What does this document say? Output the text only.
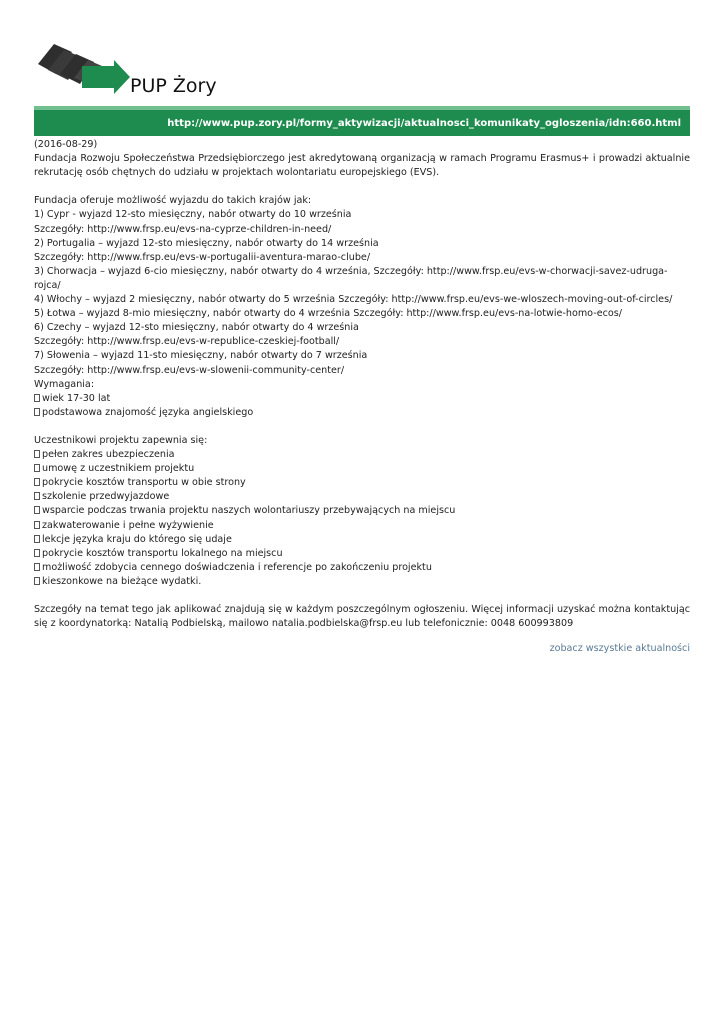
PUP Żory
http://www.pup.zory.pl/formy_aktywizacji/aktualnosci_komunikaty_ogloszenia/idn:660.html

(2016-08-29)

Fundacja Rozwoju Społeczeństwa Przedsiębiorczego jest akredytowaną organizacją w ramach Programu Erasmus+ i prowadzi aktualnie rekrutację osób chętnych do udziału w projektach wolontariatu europejskiego (EVS).

Fundacja oferuje możliwość wyjazdu do takich krajów jak:

1) Cypr - wyjazd 12-sto miesięczny, nabór otwarty do 10 września

Szczegóły: http://www.frsp.eu/evs-na-cyprze-children-in-need/

2) Portugalia – wyjazd 12-sto miesięczny, nabór otwarty do 14 września

Szczegóły: http://www.frsp.eu/evs-w-portugalii-aventura-marao-clube/

3) Chorwacja – wyjazd 6-cio miesięczny, nabór otwarty do 4 września, Szczegóły: http://www.frsp.eu/evs-w-chorwacji-savez-udruga-rojca/

4) Włochy – wyjazd 2 miesięczny, nabór otwarty do 5 września Szczegóły: http://www.frsp.eu/evs-we-wloszech-moving-out-of-circles/

5) Łotwa – wyjazd 8-mio miesięczny, nabór otwarty do 4 września Szczegóły: http://www.frsp.eu/evs-na-lotwie-homo-ecos/

6) Czechy – wyjazd 12-sto miesięczny, nabór otwarty do 4 września

Szczegóły: http://www.frsp.eu/evs-w-republice-czeskiej-football/

7) Słowenia – wyjazd 11-sto miesięczny, nabór otwarty do 7 września

Szczegóły: http://www.frsp.eu/evs-w-slowenii-community-center/

Wymagania:

wiek 17-30 lat

podstawowa znajomość języka angielskiego

Uczestnikowi projektu zapewnia się:

pełen zakres ubezpieczenia

umowę z uczestnikiem projektu

pokrycie kosztów transportu w obie strony

szkolenie przedwyjazdowe

wsparcie podczas trwania projektu naszych wolontariuszy przebywających na miejscu

zakwaterowanie i pełne wyżywienie

lekcje języka kraju do którego się udaje

pokrycie kosztów transportu lokalnego na miejscu

możliwość zdobycia cennego doświadczenia i referencje po zakończeniu projektu

kieszonkowe na bieżące wydatki.

Szczegóły na temat tego jak aplikować znajdują się w każdym poszczególnym ogłoszeniu. Więcej informacji uzyskać można kontaktując się z koordynatorką: Natalią Podbielską, mailowo natalia.podbielska@frsp.eu lub telefonicznie: 0048 600993809

zobacz wszystkie aktualności
